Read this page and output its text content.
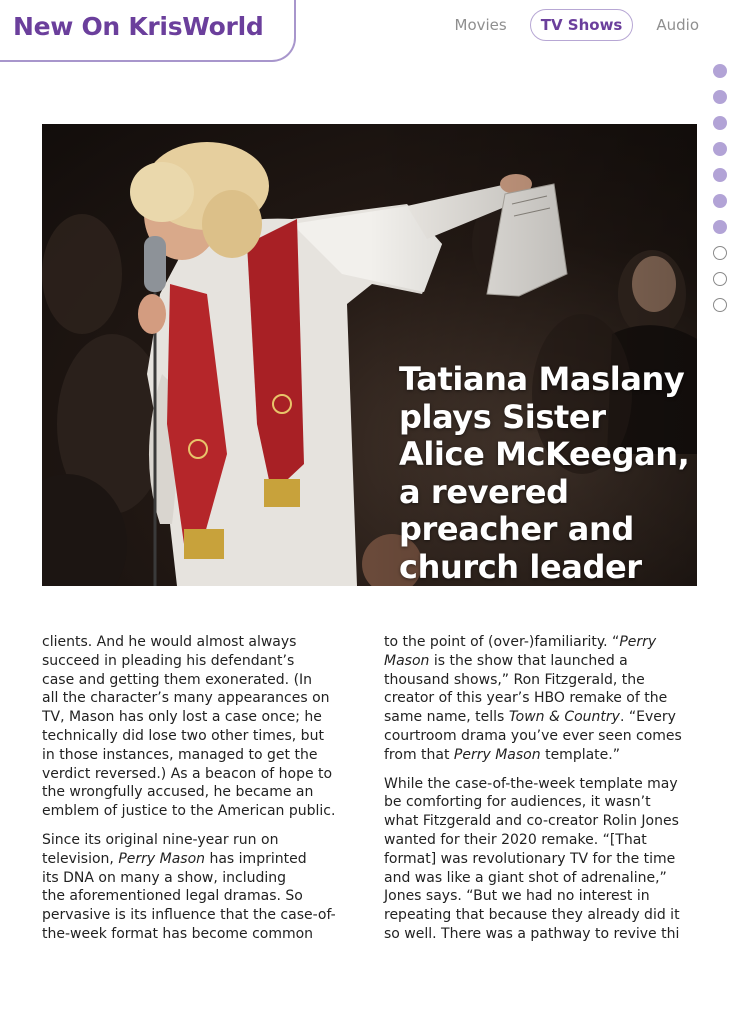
New On KrisWorld	Movies	TV Shows	Audio
Tatiana Maslany
plays Sister
Alice McKeegan,
a revered
preacher and
church leader

clients. And he would almost always
succeed in pleading his defendant’s
case and getting them exonerated. (In
all the character’s many appearances on
TV, Mason has only lost a case once; he
technically did lose two other times, but
in those instances, managed to get the
verdict reversed.) As a beacon of hope to
the wrongfully accused, he became an
emblem of justice to the American public.

Since its original nine-year run on
television, Perry Mason has imprinted
its DNA on many a show, including
the aforementioned legal dramas. So
pervasive is its influence that the case-of-
the-week format has become common

to the point of (over-)familiarity. “Perry
Mason is the show that launched a
thousand shows,” Ron Fitzgerald, the
creator of this year’s HBO remake of the
same name, tells Town & Country. “Every
courtroom drama you’ve ever seen comes
from that Perry Mason template.”

While the case-of-the-week template may
be comforting for audiences, it wasn’t
what Fitzgerald and co-creator Rolin Jones
wanted for their 2020 remake. “[That
format] was revolutionary TV for the time
and was like a giant shot of adrenaline,”
Jones says. “But we had no interest in
repeating that because they already did it
so well. There was a pathway to revive thi
